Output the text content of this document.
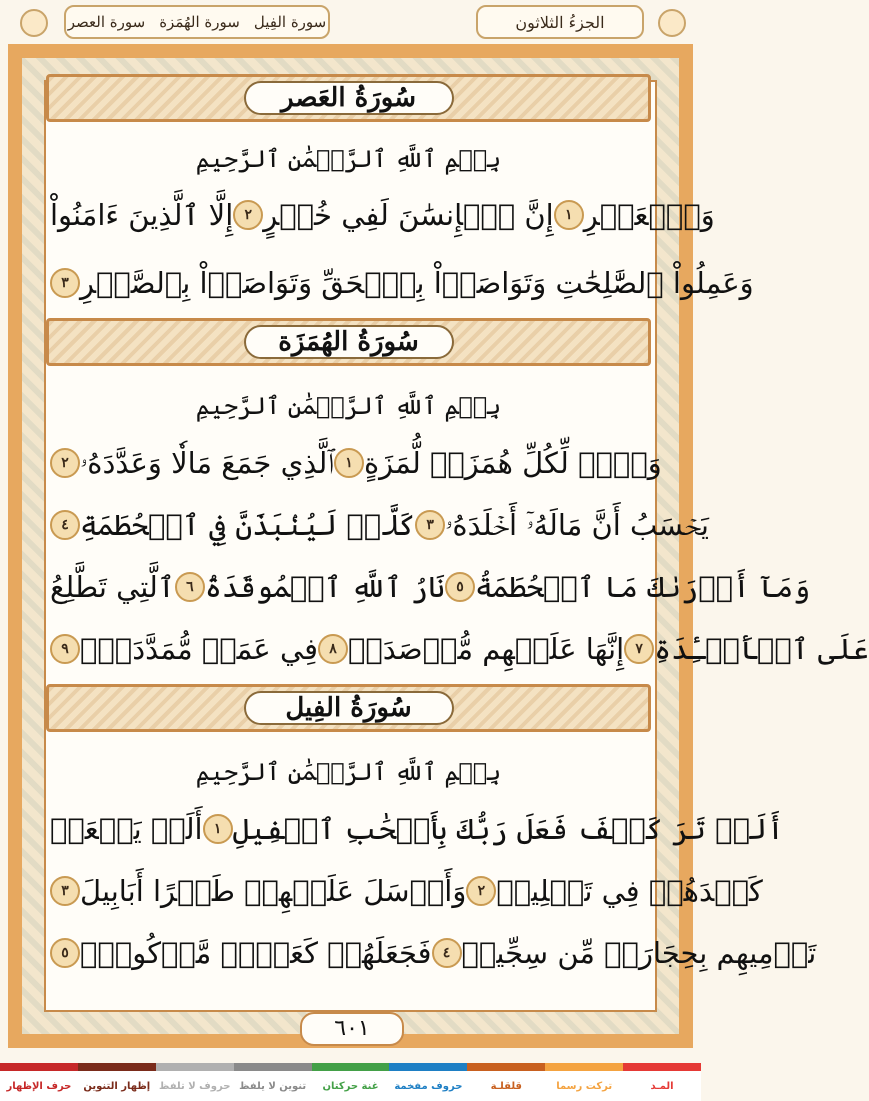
سورة العصر سورة الهُمَزة سورة الفِيل	الجزءُ الثلاثون
سُورَةُ العَصر
بِسۡمِ ٱللَّهِ ٱلرَّحۡمَٰنِ ٱلرَّحِيمِ
إِلَّا ٱلَّذِينَ ءَامَنُواْ ٢ إِنَّ ٱلۡإِنسَٰنَ لَفِي خُسۡرٍ ١ وَٱلۡعَصۡرِ
٣ وَعَمِلُواْ ٱلصَّٰلِحَٰتِ وَتَوَاصَوۡاْ بِٱلۡحَقِّ وَتَوَاصَوۡاْ بِٱلصَّبۡرِ
سُورَةُ الهُمَزَة
بِسۡمِ ٱللَّهِ ٱلرَّحۡمَٰنِ ٱلرَّحِيمِ
٢ ٱلَّذِي جَمَعَ مَالٗا وَعَدَّدَهُۥ ١ وَيۡلٞ لِّكُلِّ هُمَزَةٖ لُّمَزَةٍ
٤ كَلَّاۖ لَيُنۢبَذَنَّ فِي ٱلۡحُطَمَةِ ٣ يَحۡسَبُ أَنَّ مَالَهُۥٓ أَخۡلَدَهُۥ
ٱلَّتِي تَطَّلِعُ ٦ نَارُ ٱللَّهِ ٱلۡمُوقَدَةُ ٥ وَمَآ أَدۡرَىٰكَ مَا ٱلۡحُطَمَةُ
٩ فِي عَمَدٖ مُّمَدَّدَةِۭ ٨ إِنَّهَا عَلَيۡهِم مُّؤۡصَدَةٞ ٧ عَلَى ٱلۡأَفۡـِٔدَةِ
سُورَةُ الفِيل
بِسۡمِ ٱللَّهِ ٱلرَّحۡمَٰنِ ٱلرَّحِيمِ
أَلَمۡ يَجۡعَلۡ ١ أَلَمۡ تَرَ كَيۡفَ فَعَلَ رَبُّكَ بِأَصۡحَٰبِ ٱلۡفِيلِ
٣ وَأَرۡسَلَ عَلَيۡهِمۡ طَيۡرًا أَبَابِيلَ ٢ كَيۡدَهُمۡ فِي تَضۡلِيلٖ
٥ فَجَعَلَهُمۡ كَعَصۡفٖ مَّأۡكُولِۭ ٤ تَرۡمِيهِم بِحِجَارَةٖ مِّن سِجِّيلٖ
٦٠١
المـد
تركت رسما
قلقلـة
حروف مفخمة
غنة حركتان
تنوين لا يلفظ
حروف لا تلفظ
إظهار التنوين
حرف الإظهار
